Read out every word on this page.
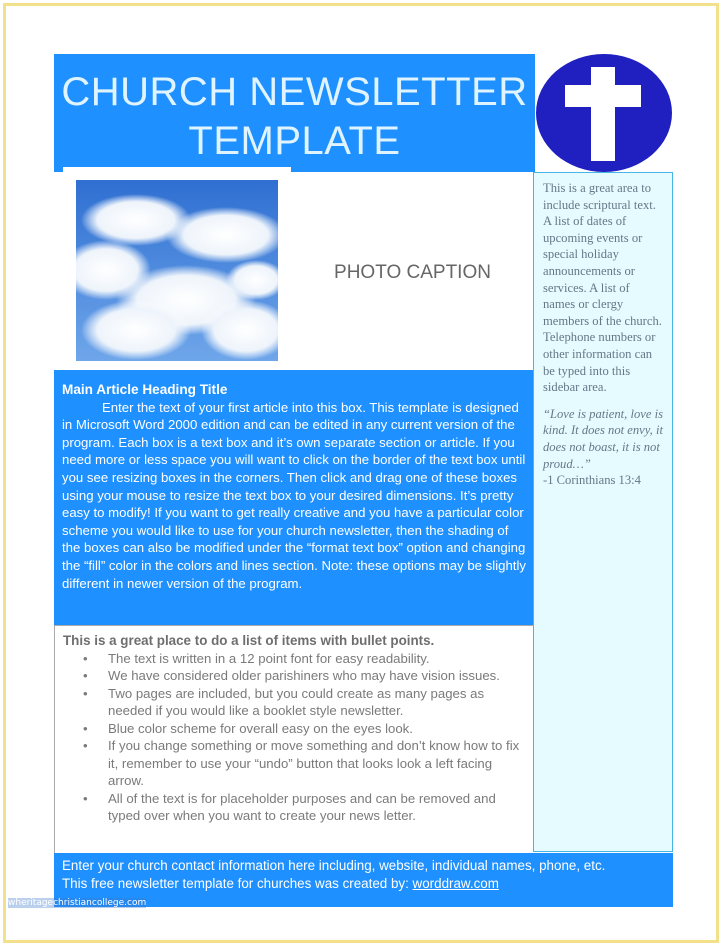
CHURCH NEWSLETTER
TEMPLATE

PHOTO CAPTION

Main Article Heading Title

Enter the text of your first article into this box. This template is designed in Microsoft Word 2000 edition and can be edited in any current version of the program. Each box is a text box and it’s own separate section or article. If you need more or less space you will want to click on the border of the text box until you see resizing boxes in the corners. Then click and drag one of these boxes using your mouse to resize the text box to your desired dimensions. It’s pretty easy to modify! If you want to get really creative and you have a particular color scheme you would like to use for your church newsletter, then the shading of the boxes can also be modified under the “format text box” option and changing the “fill” color in the colors and lines section. Note: these options may be slightly different in newer version of the program.

This is a great area to include scriptural text. A list of dates of upcoming events or special holiday announcements or services. A list of names or clergy members of the church. Telephone numbers or other information can be typed into this sidebar area.

“Love is patient, love is kind. It does not envy, it does not boast, it is not proud…”
-1 Corinthians 13:4

This is a great place to do a list of items with bullet points.

•	The text is written in a 12 point font for easy readability.
•	We have considered older parishiners who may have vision issues.
•	Two pages are included, but you could create as many pages as needed if you would like a booklet style newsletter.
•	Blue color scheme for overall easy on the eyes look.
•	If you change something or move something and don’t know how to fix it, remember to use your “undo” button that looks look a left facing arrow.
•	All of the text is for placeholder purposes and can be removed and typed over when you want to create your news letter.

Enter your church contact information here including, website, individual names, phone, etc.

This free newsletter template for churches was created by: worddraw.com

wheritagechristiancollege.com
